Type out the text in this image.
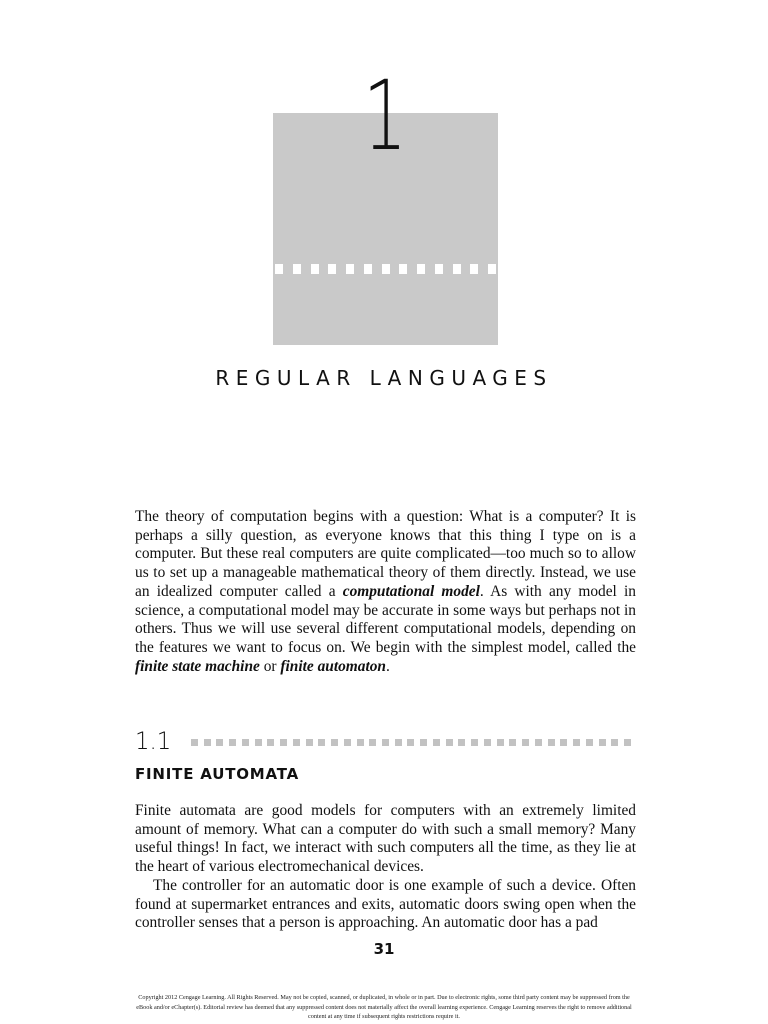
1
REGULAR LANGUAGES

The theory of computation begins with a question: What is a computer? It is perhaps a silly question, as everyone knows that this thing I type on is a computer. But these real computers are quite complicated—too much so to allow us to set up a manageable mathematical theory of them directly. Instead, we use an idealized computer called a computational model. As with any model in science, a computational model may be accurate in some ways but perhaps not in others. Thus we will use several different computational models, depending on the features we want to focus on. We begin with the simplest model, called the finite state machine or finite automaton.

1.1
FINITE AUTOMATA

Finite automata are good models for computers with an extremely limited amount of memory. What can a computer do with such a small memory? Many useful things! In fact, we interact with such computers all the time, as they lie at the heart of various electromechanical devices.

The controller for an automatic door is one example of such a device. Often found at supermarket entrances and exits, automatic doors swing open when the controller senses that a person is approaching. An automatic door has a pad

31
Copyright 2012 Cengage Learning. All Rights Reserved. May not be copied, scanned, or duplicated, in whole or in part. Due to electronic rights, some third party content may be suppressed from the
eBook and/or eChapter(s). Editorial review has deemed that any suppressed content does not materially affect the overall learning experience. Cengage Learning reserves the right to remove additional
content at any time if subsequent rights restrictions require it.
